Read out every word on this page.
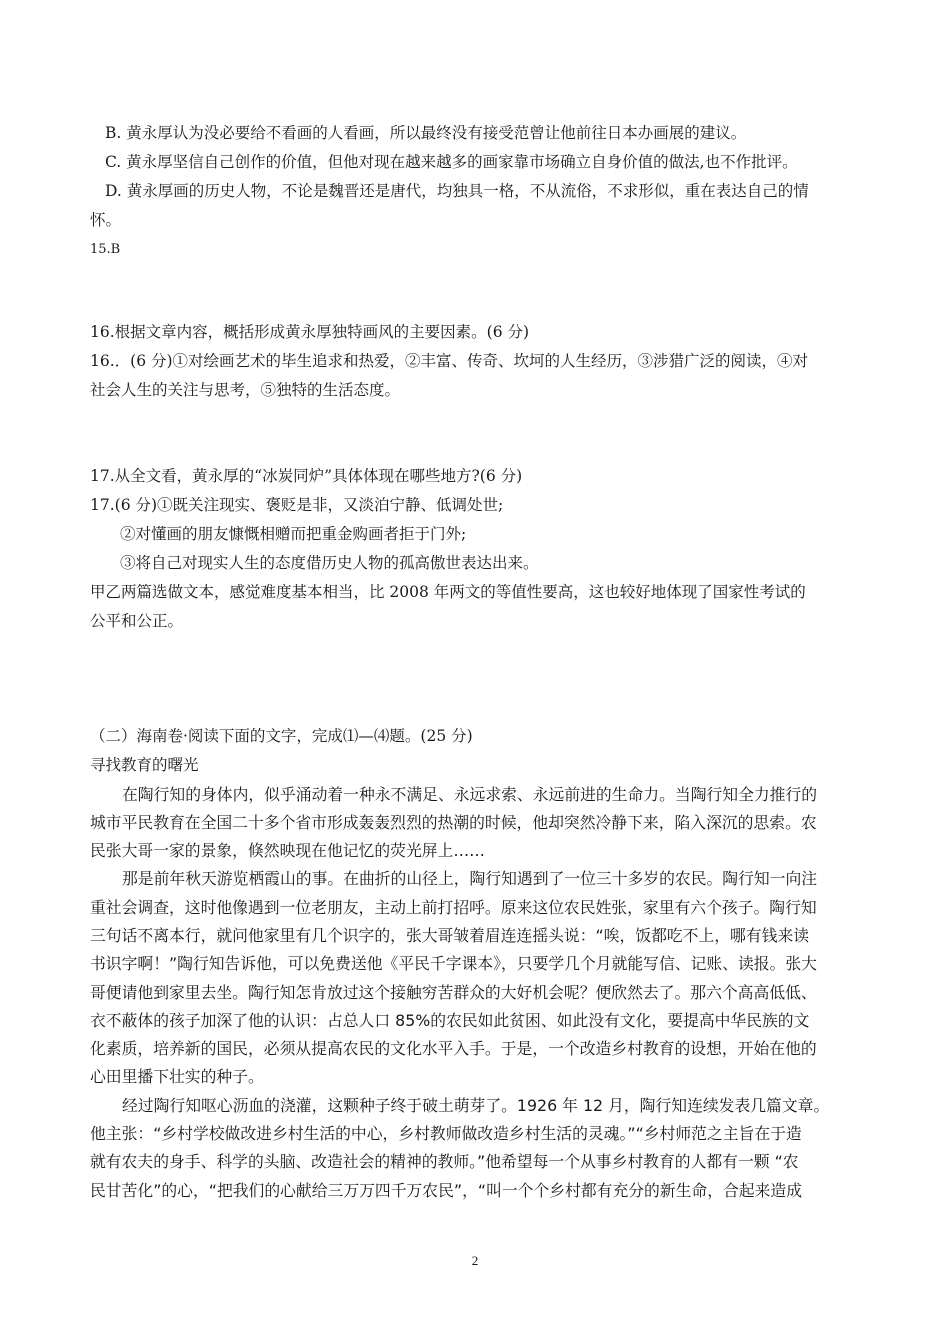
B. 黄永厚认为没必要给不看画的人看画，所以最终没有接受范曾让他前往日本办画展的建议。
C. 黄永厚坚信自己创作的价值，但他对现在越来越多的画家靠市场确立自身价值的做法,也不作批评。
D. 黄永厚画的历史人物，不论是魏晋还是唐代，均独具一格，不从流俗，不求形似，重在表达自己的情
怀。
15.B
16.根据文章内容，概括形成黄永厚独特画风的主要因素。(6 分)
16.．(6 分)①对绘画艺术的毕生追求和热爱，②丰富、传奇、坎坷的人生经历，③涉猎广泛的阅读，④对
社会人生的关注与思考，⑤独特的生活态度。
17.从全文看，黄永厚的“冰炭同炉”具体体现在哪些地方?(6 分)
17.(6 分)①既关注现实、褒贬是非，又淡泊宁静、低调处世;
②对懂画的朋友慷慨相赠而把重金购画者拒于门外;
③将自己对现实人生的态度借历史人物的孤高傲世表达出来。
甲乙两篇选做文本，感觉难度基本相当，比 2008 年两文的等值性要高，这也较好地体现了国家性考试的
公平和公正。
（二）海南卷·阅读下面的文字，完成⑴—⑷题。(25 分)
寻找教育的曙光
在陶行知的身体内，似乎涌动着一种永不满足、永远求索、永远前进的生命力。当陶行知全力推行的
城市平民教育在全国二十多个省市形成轰轰烈烈的热潮的时候，他却突然冷静下来，陷入深沉的思索。农
民张大哥一家的景象，倏然映现在他记忆的荧光屏上……
那是前年秋天游览栖霞山的事。在曲折的山径上，陶行知遇到了一位三十多岁的农民。陶行知一向注
重社会调查，这时他像遇到一位老朋友，主动上前打招呼。原来这位农民姓张，家里有六个孩子。陶行知
三句话不离本行，就问他家里有几个识字的，张大哥皱着眉连连摇头说：“唉，饭都吃不上，哪有钱来读
书识字啊！”陶行知告诉他，可以免费送他《平民千字课本》，只要学几个月就能写信、记账、读报。张大
哥便请他到家里去坐。陶行知怎肯放过这个接触穷苦群众的大好机会呢？便欣然去了。那六个高高低低、
衣不蔽体的孩子加深了他的认识：占总人口 85%的农民如此贫困、如此没有文化，要提高中华民族的文
化素质，培养新的国民，必须从提高农民的文化水平入手。于是，一个改造乡村教育的设想，开始在他的
心田里播下壮实的种子。
经过陶行知呕心沥血的浇灌，这颗种子终于破土萌芽了。1926 年 12 月，陶行知连续发表几篇文章。
他主张：“乡村学校做改进乡村生活的中心，乡村教师做改造乡村生活的灵魂。”“乡村师范之主旨在于造
就有农夫的身手、科学的头脑、改造社会的精神的教师。”他希望每一个从事乡村教育的人都有一颗 “农
民甘苦化”的心，“把我们的心献给三万万四千万农民”，“叫一个个乡村都有充分的新生命，合起来造成
2
